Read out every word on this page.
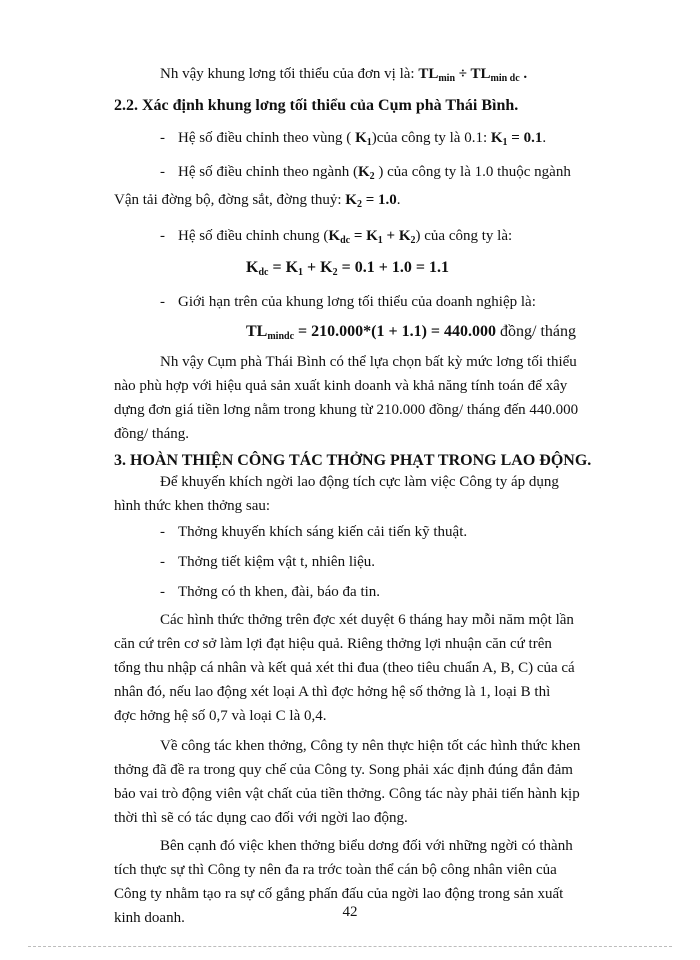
Nh vậy khung lơng tối thiểu của đơn vị là: $TL_{min} \div TL_{min dc}$ .
2.2. Xác định khung lơng tối thiểu của Cụm phà Thái Bình.
- Hệ số điều chỉnh theo vùng ( $K_1)của$ công ty là 0.1: $K_1 = 0.1$.
- Hệ số điều chỉnh theo ngành ($K_2$ ) của công ty là 1.0 thuộc ngành
Vận tải đờng bộ, đờng sắt, đờng thuỷ: $K_2 = 1.0$.
- Hệ số điều chỉnh chung $(K_{dc} = K_1 + K_2)$ của công ty là:
$K_{dc} = K_1 + K_2 = 0.1 + 1.0 = 1.1$
- Giới hạn trên của khung lơng tối thiểu của doanh nghiệp là:
$TL_{mindc} = 210.000*(1 + 1.1) = 440.000$ đồng/ tháng
Nh vậy Cụm phà Thái Bình có thể lựa chọn bất kỳ mức lơng tối thiểu
nào phù hợp với hiệu quả sản xuất kinh doanh và khả năng tính toán để xây
dựng đơn giá tiền lơng nằm trong khung từ 210.000 đồng/ tháng đến 440.000
đồng/ tháng.
3. HOÀN THIỆN CÔNG TÁC THỞNG PHẠT TRONG LAO ĐỘNG.
Để khuyến khích ngời lao động tích cực làm việc Công ty áp dụng
hình thức khen thởng sau:
- Thởng khuyến khích sáng kiến cải tiến kỹ thuật.
- Thởng tiết kiệm vật t, nhiên liệu.
- Thởng có th khen, đài, báo đa tin.
Các hình thức thởng trên đợc xét duyệt 6 tháng hay mỗi năm một lần
căn cứ trên cơ sở làm lợi đạt hiệu quả. Riêng thởng lợi nhuận căn cứ trên
tổng thu nhập cá nhân và kết quả xét thi đua (theo tiêu chuẩn A, B, C) của cá
nhân đó, nếu lao động xét loại A thì đợc hởng hệ số thởng là 1, loại B thì
đợc hởng hệ số 0,7 và loại C là 0,4.
Về công tác khen thởng, Công ty nên thực hiện tốt các hình thức khen
thởng đã đề ra trong quy chế của Công ty. Song phải xác định đúng đắn đảm
bảo vai trò động viên vật chất của tiền thởng. Công tác này phải tiến hành kịp
thời thì sẽ có tác dụng cao đối với ngời lao động.
Bên cạnh đó việc khen thởng biểu dơng đối với những ngời có thành
tích thực sự thì Công ty nên đa ra trớc toàn thể cán bộ công nhân viên của
Công ty nhằm tạo ra sự cố gắng phấn đấu của ngời lao động trong sản xuất
kinh doanh.	42
